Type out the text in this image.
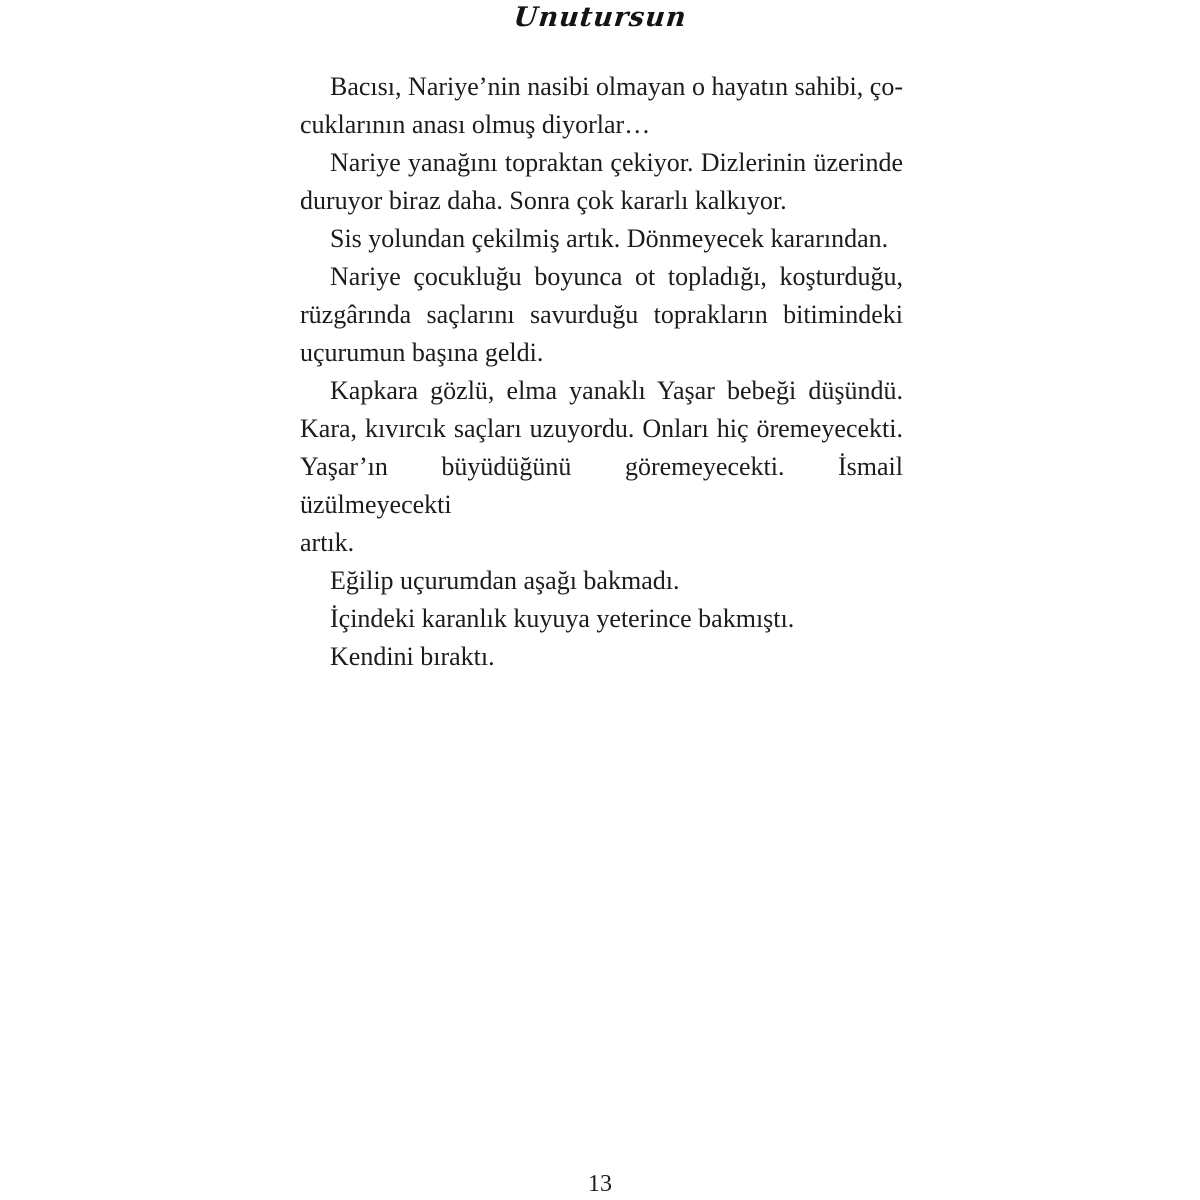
Unutursun
Bacısı, Nariye’nin nasibi olmayan o hayatın sahibi, ço-
cuklarının anası olmuş diyorlar…
Nariye yanağını topraktan çekiyor. Dizlerinin üzerinde
duruyor biraz daha. Sonra çok kararlı kalkıyor.
Sis yolundan çekilmiş artık. Dönmeyecek kararından.
Nariye çocukluğu boyunca ot topladığı, koşturduğu,
rüzgârında saçlarını savurduğu toprakların bitimindeki
uçurumun başına geldi.
Kapkara gözlü, elma yanaklı Yaşar bebeği düşündü.
Kara, kıvırcık saçları uzuyordu. Onları hiç öremeyecekti.
Yaşar’ın büyüdüğünü göremeyecekti. İsmail üzülmeyecekti
artık.
Eğilip uçurumdan aşağı bakmadı.
İçindeki karanlık kuyuya yeterince bakmıştı.
Kendini bıraktı.
13
